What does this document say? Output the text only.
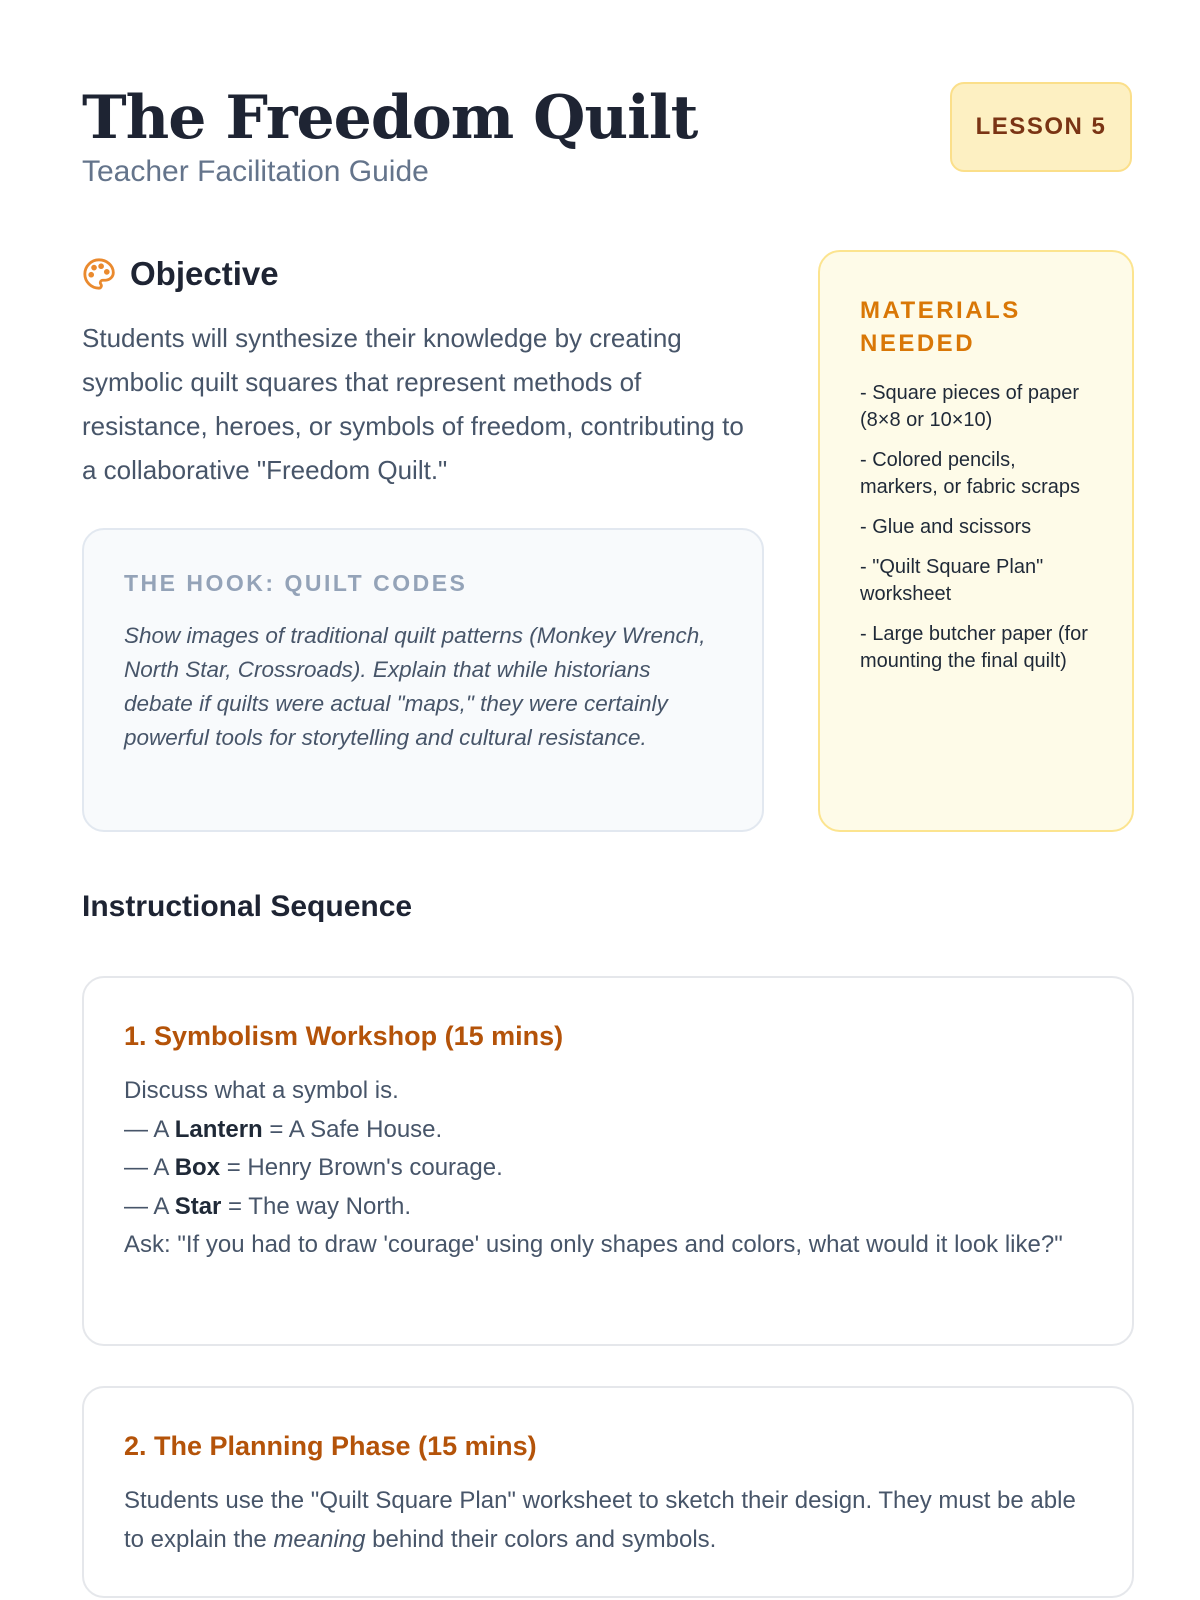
The Freedom Quilt
Teacher Facilitation Guide
LESSON 5
Objective

Students will synthesize their knowledge by creating symbolic quilt squares that represent methods of resistance, heroes, or symbols of freedom, contributing to a collaborative "Freedom Quilt."

THE HOOK: QUILT CODES

Show images of traditional quilt patterns (Monkey Wrench, North Star, Crossroads). Explain that while historians debate if quilts were actual "maps," they were certainly powerful tools for storytelling and cultural resistance.

MATERIALS NEEDED
- Square pieces of paper (8×8 or 10×10)
- Colored pencils, markers, or fabric scraps
- Glue and scissors
- "Quilt Square Plan" worksheet
- Large butcher paper (for mounting the final quilt)
Instructional Sequence
1. Symbolism Workshop (15 mins)
Discuss what a symbol is.
— A Lantern = A Safe House.
— A Box = Henry Brown's courage.
— A Star = The way North.
Ask: "If you had to draw 'courage' using only shapes and colors, what would it look like?"
2. The Planning Phase (15 mins)
Students use the "Quilt Square Plan" worksheet to sketch their design. They must be able to explain the meaning behind their colors and symbols.
